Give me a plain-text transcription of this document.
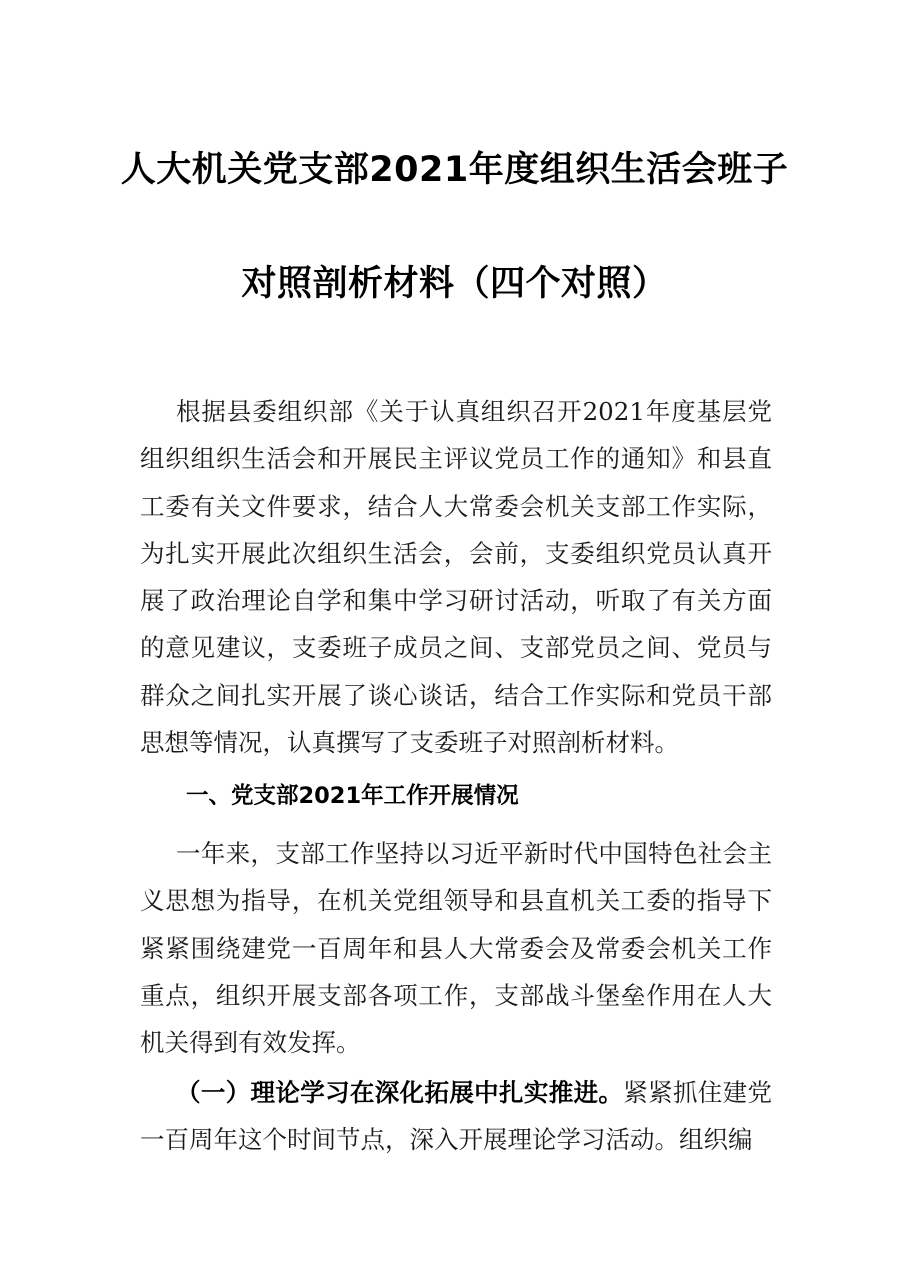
人大机关党支部2021年度组织生活会班子
对照剖析材料（四个对照）

根据县委组织部《关于认真组织召开2021年度基层党组织组织生活会和开展民主评议党员工作的通知》和县直工委有关文件要求，结合人大常委会机关支部工作实际，为扎实开展此次组织生活会，会前，支委组织党员认真开展了政治理论自学和集中学习研讨活动，听取了有关方面的意见建议，支委班子成员之间、支部党员之间、党员与群众之间扎实开展了谈心谈话，结合工作实际和党员干部思想等情况，认真撰写了支委班子对照剖析材料。

一、党支部2021年工作开展情况

一年来，支部工作坚持以习近平新时代中国特色社会主义思想为指导，在机关党组领导和县直机关工委的指导下紧紧围绕建党一百周年和县人大常委会及常委会机关工作重点，组织开展支部各项工作，支部战斗堡垒作用在人大机关得到有效发挥。

（一）理论学习在深化拓展中扎实推进。紧紧抓住建党一百周年这个时间节点，深入开展理论学习活动。组织编
